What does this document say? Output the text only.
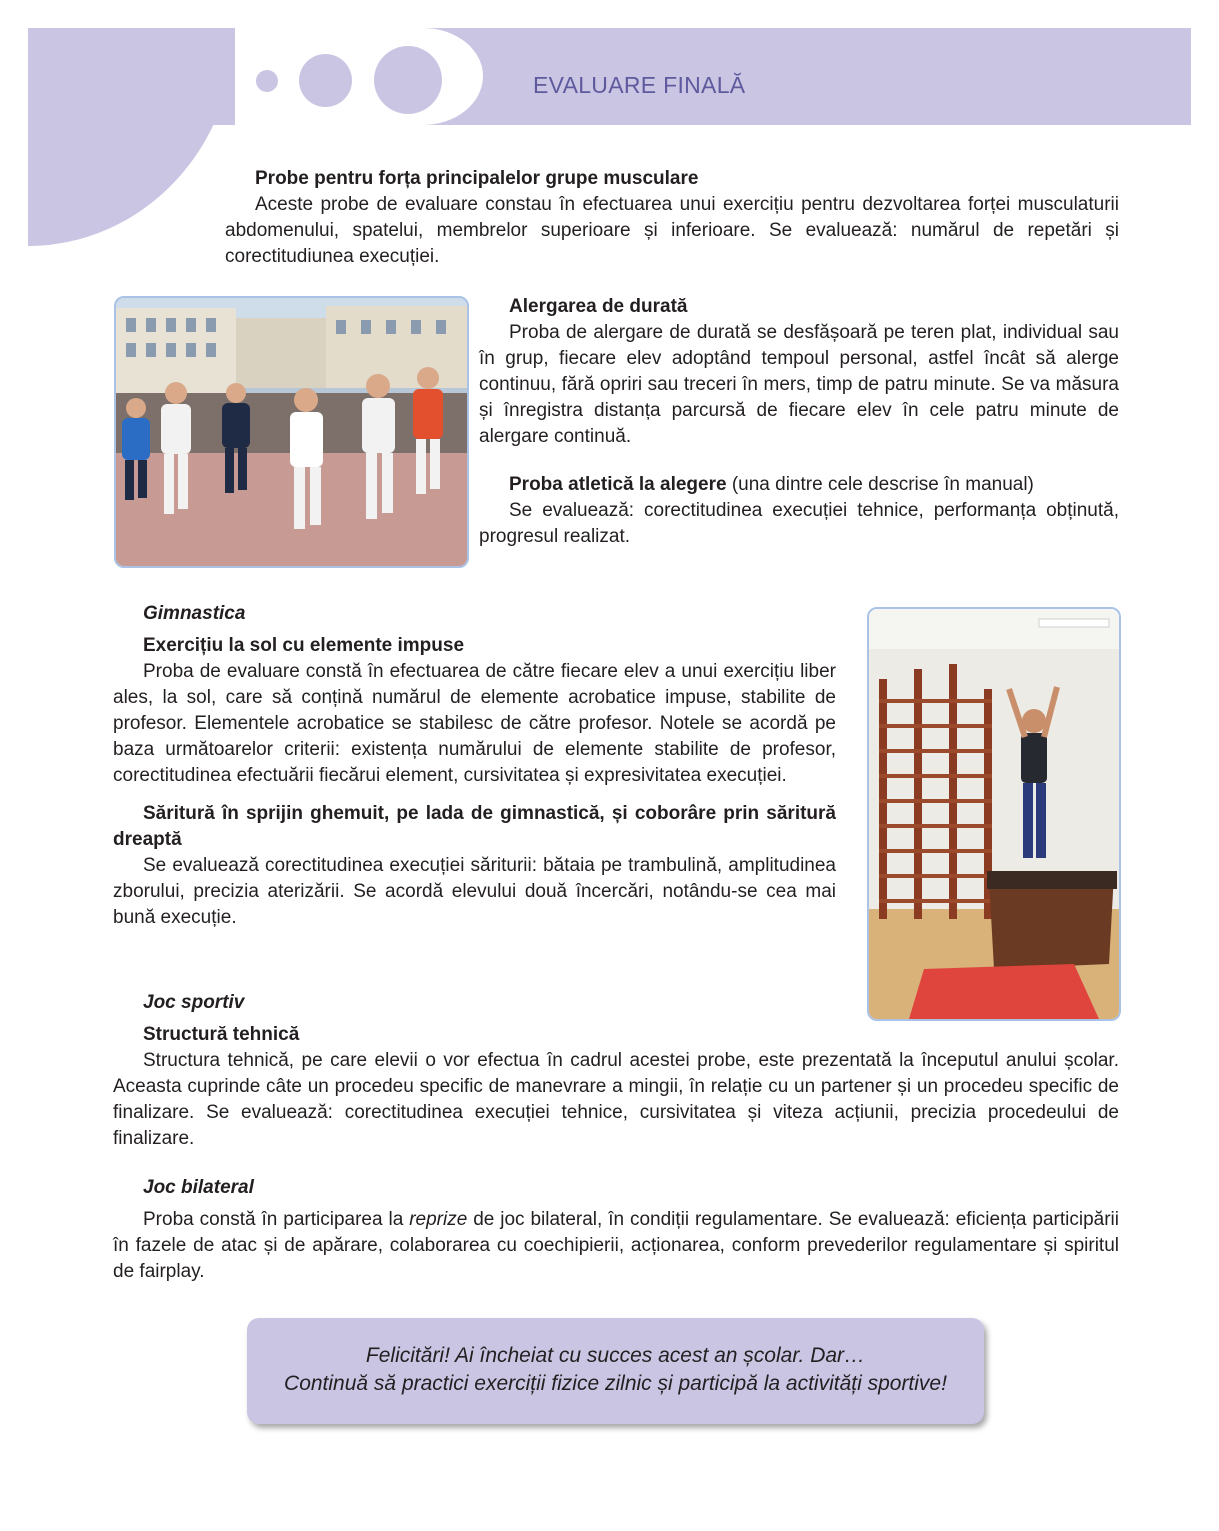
EVALUARE FINALĂ

Probe pentru forța principalelor grupe musculare

Aceste probe de evaluare constau în efectuarea unui exercițiu pentru dezvoltarea forței musculaturii abdomenului, spatelui, membrelor superioare și inferioare. Se evaluează: numărul de repetări și corectitudiunea execuției.

Alergarea de durată

Proba de alergare de durată se desfășoară pe teren plat, individual sau în grup, fiecare elev adoptând tempoul personal, astfel încât să alerge continuu, fără opriri sau treceri în mers, timp de patru minute. Se va măsura și înregistra distanța parcursă de fiecare elev în cele patru minute de alergare continuă.

Proba atletică la alegere (una dintre cele descrise în manual)

Se evaluează: corectitudinea execuției tehnice, performanța obținută, progresul realizat.

Gimnastica

Exercițiu la sol cu elemente impuse

Proba de evaluare constă în efectuarea de către fiecare elev a unui exercițiu liber ales, la sol, care să conțină numărul de elemente acrobatice impuse, stabilite de profesor. Elementele acrobatice se stabilesc de către profesor. Notele se acordă pe baza următoarelor criterii: existența numărului de elemente stabilite de profesor, corectitudinea efectuării fiecărui element, cursivitatea și expresivitatea execuției.

Săritură în sprijin ghemuit, pe lada de gimnastică, și coborâre prin săritură dreaptă

Se evaluează corectitudinea execuției săriturii: bătaia pe trambulină, amplitudinea zborului, precizia aterizării. Se acordă elevului două încercări, notându-se cea mai bună execuție.

Joc sportiv

Structură tehnică

Structura tehnică, pe care elevii o vor efectua în cadrul acestei probe, este prezentată la începutul anului școlar. Aceasta cuprinde câte un procedeu specific de manevrare a mingii, în relație cu un partener și un procedeu specific de finalizare. Se evaluează: corectitudinea execuției tehnice, cursivitatea și viteza acțiunii, precizia procedeului de finalizare.

Joc bilateral

Proba constă în participarea la reprize de joc bilateral, în condiții regulamentare. Se evaluează: eficiența participării în fazele de atac și de apărare, colaborarea cu coechipierii, acționarea, conform prevederilor regulamentare și spiritul de fairplay.

Felicitări! Ai încheiat cu succes acest an școlar. Dar…
Continuă să practici exerciții fizice zilnic și participă la activități sportive!
